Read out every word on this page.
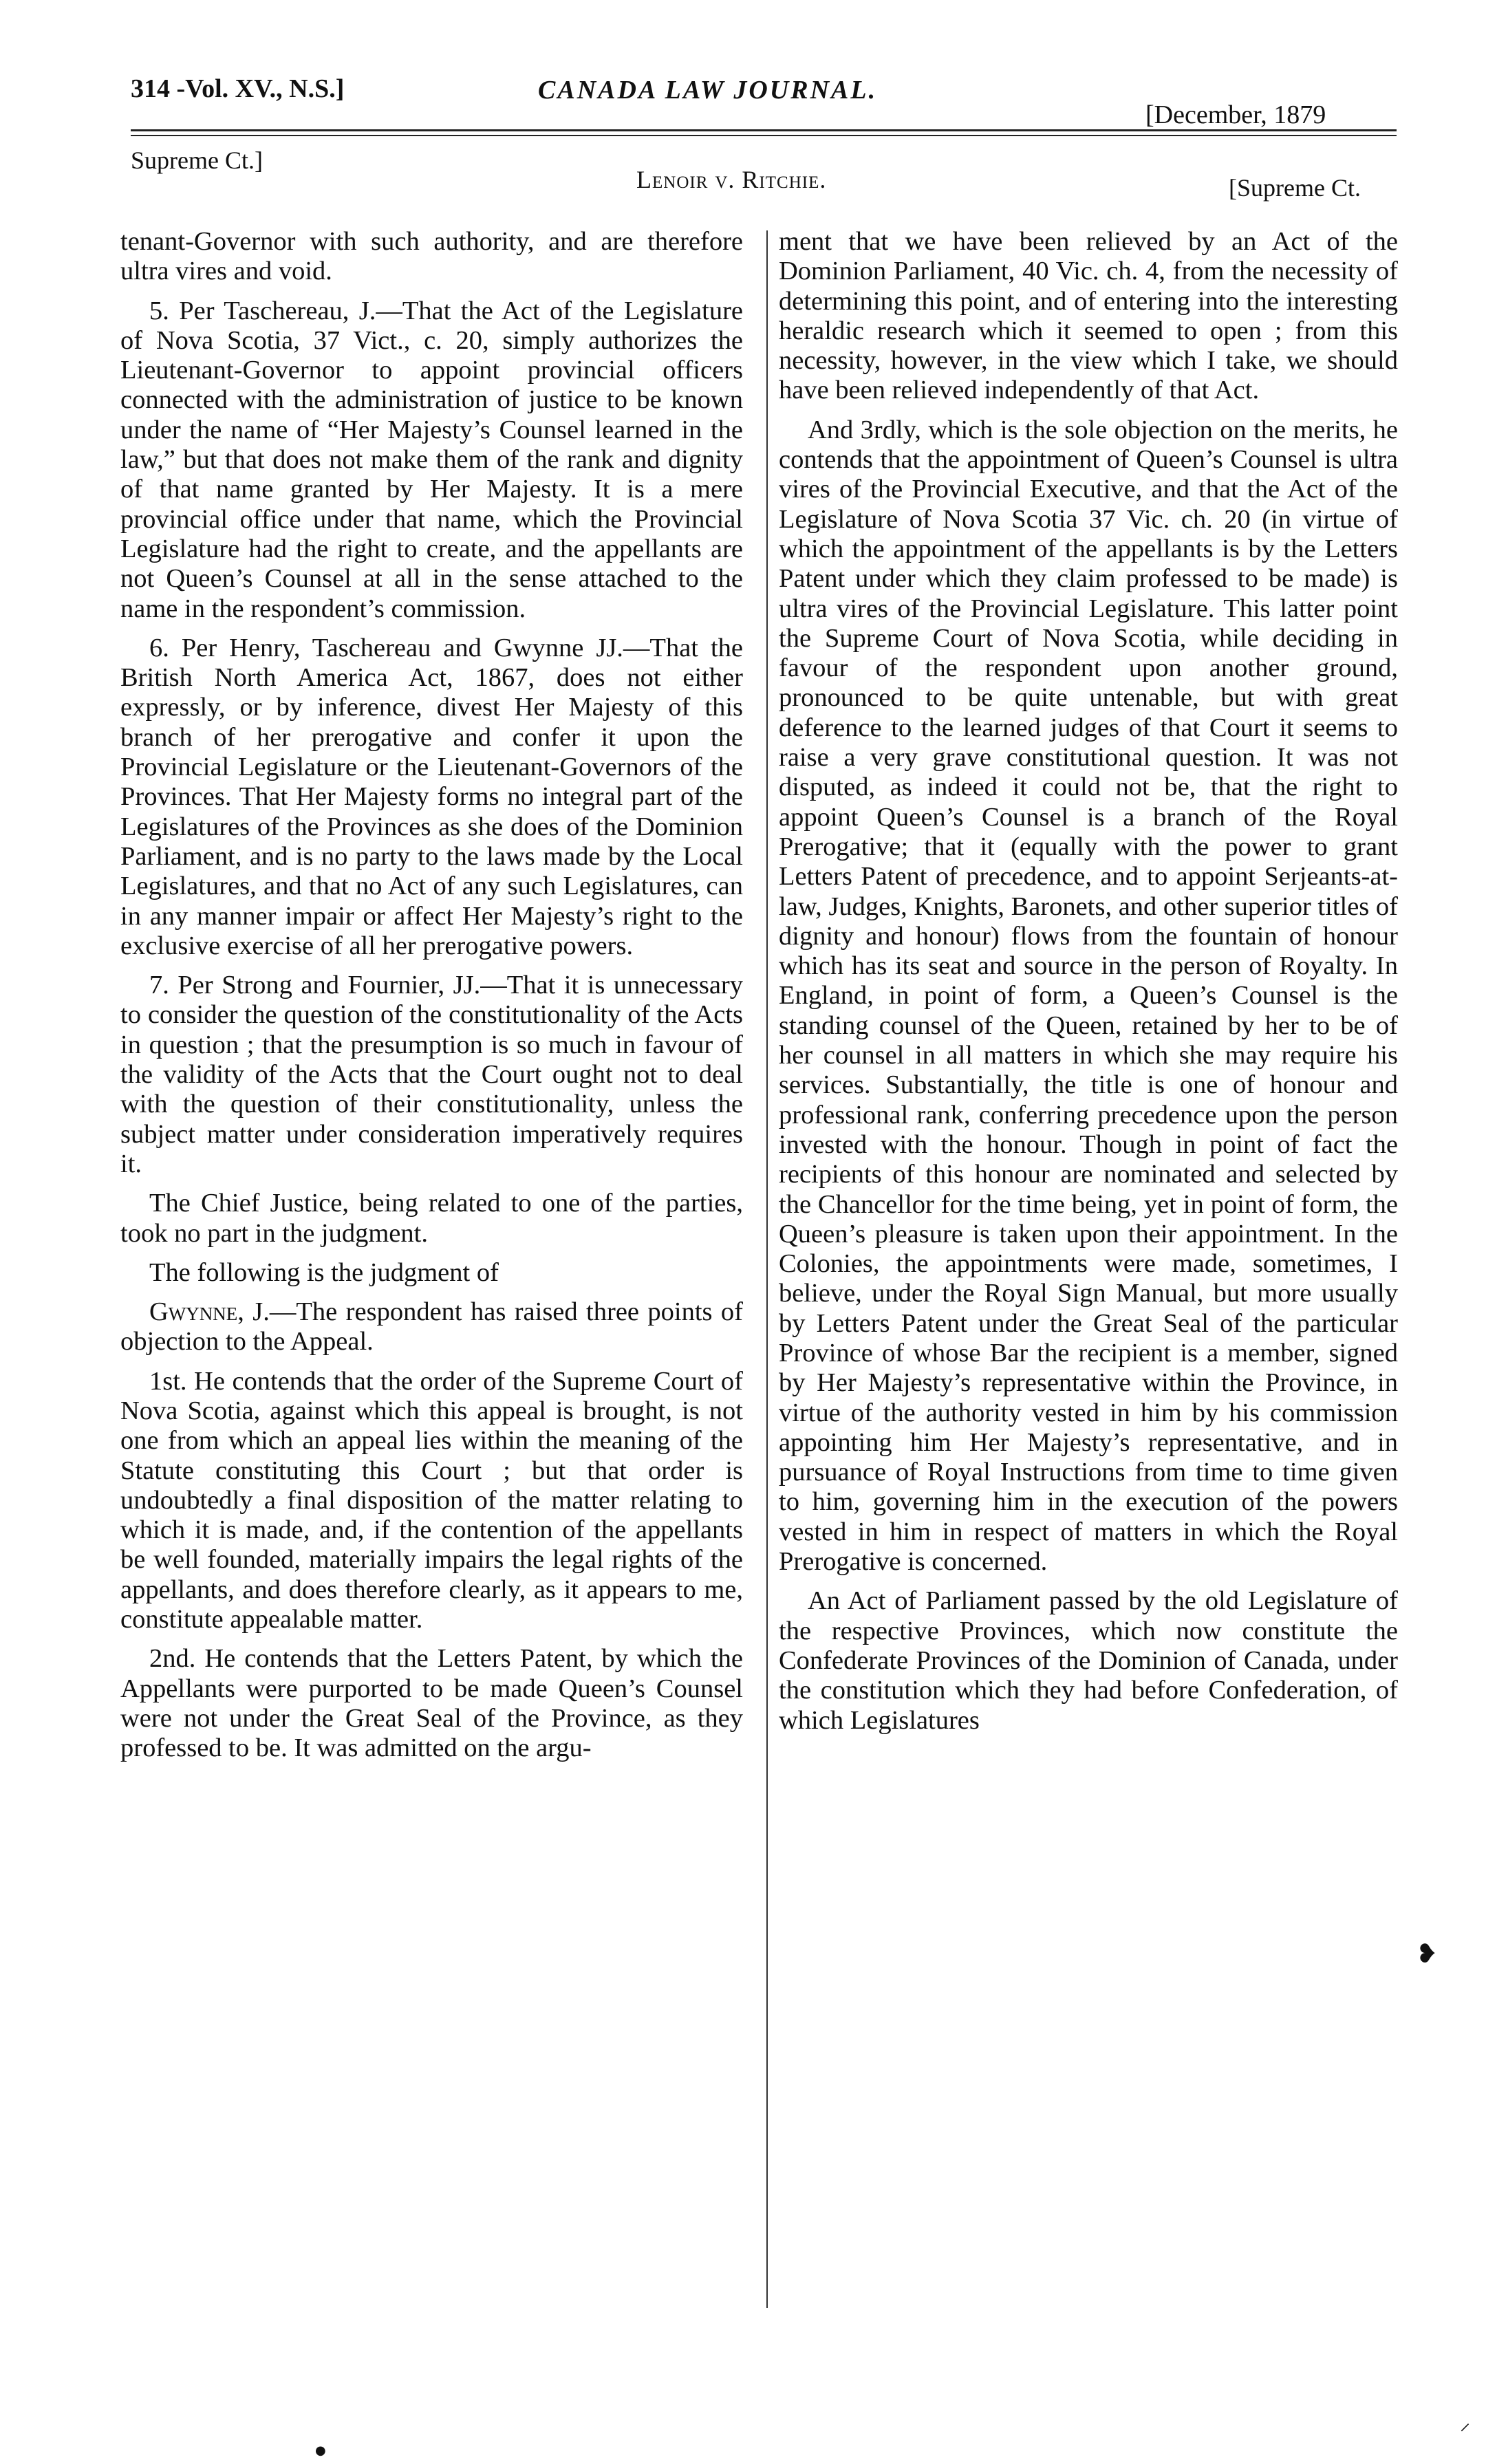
314 -Vol. XV., N.S.]	CANADA LAW JOURNAL.
[December, 1879
Supreme Ct.]
Lenoir v. Ritchie.	[Supreme Ct.

tenant-Governor with such authority, and are therefore ultra vires and void.

5. Per Taschereau, J.—That the Act of the Legislature of Nova Scotia, 37 Vict., c. 20, simply authorizes the Lieutenant-Governor to appoint provincial officers connected with the administration of justice to be known under the name of “Her Majesty’s Counsel learned in the law,” but that does not make them of the rank and dignity of that name granted by Her Majesty. It is a mere provincial office under that name, which the Provincial Legislature had the right to create, and the appellants are not Queen’s Counsel at all in the sense attached to the name in the respondent’s commission.

6. Per Henry, Taschereau and Gwynne JJ.—That the British North America Act, 1867, does not either expressly, or by inference, divest Her Majesty of this branch of her prerogative and confer it upon the Provincial Legislature or the Lieutenant-Governors of the Provinces. That Her Majesty forms no integral part of the Legislatures of the Provinces as she does of the Dominion Parliament, and is no party to the laws made by the Local Legislatures, and that no Act of any such Legislatures, can in any manner impair or affect Her Majesty’s right to the exclusive exercise of all her prerogative powers.

7. Per Strong and Fournier, JJ.—That it is unnecessary to consider the question of the constitutionality of the Acts in question ; that the presumption is so much in favour of the validity of the Acts that the Court ought not to deal with the question of their constitutionality, unless the subject matter under consideration imperatively requires it.

The Chief Justice, being related to one of the parties, took no part in the judgment.

The following is the judgment of

Gwynne, J.—The respondent has raised three points of objection to the Appeal.

1st. He contends that the order of the Supreme Court of Nova Scotia, against which this appeal is brought, is not one from which an appeal lies within the meaning of the Statute constituting this Court ; but that order is undoubtedly a final disposition of the matter relating to which it is made, and, if the contention of the appellants be well founded, materially impairs the legal rights of the appellants, and does therefore clearly, as it appears to me, constitute appealable matter.

2nd. He contends that the Letters Patent, by which the Appellants were purported to be made Queen’s Counsel were not under the Great Seal of the Province, as they professed to be. It was admitted on the argu-

ment that we have been relieved by an Act of the Dominion Parliament, 40 Vic. ch. 4, from the necessity of determining this point, and of entering into the interesting heraldic research which it seemed to open ; from this necessity, however, in the view which I take, we should have been relieved independently of that Act.

And 3rdly, which is the sole objection on the merits, he contends that the appointment of Queen’s Counsel is ultra vires of the Provincial Executive, and that the Act of the Legislature of Nova Scotia 37 Vic. ch. 20 (in virtue of which the appointment of the appellants is by the Letters Patent under which they claim professed to be made) is ultra vires of the Provincial Legislature. This latter point the Supreme Court of Nova Scotia, while deciding in favour of the respondent upon another ground, pronounced to be quite untenable, but with great deference to the learned judges of that Court it seems to raise a very grave constitutional question. It was not disputed, as indeed it could not be, that the right to appoint Queen’s Counsel is a branch of the Royal Prerogative; that it (equally with the power to grant Letters Patent of precedence, and to appoint Serjeants-at-law, Judges, Knights, Baronets, and other superior titles of dignity and honour) flows from the fountain of honour which has its seat and source in the person of Royalty. In England, in point of form, a Queen’s Counsel is the standing counsel of the Queen, retained by her to be of her counsel in all matters in which she may require his services. Substantially, the title is one of honour and professional rank, conferring precedence upon the person invested with the honour. Though in point of fact the recipients of this honour are nominated and selected by the Chancellor for the time being, yet in point of form, the Queen’s pleasure is taken upon their appointment. In the Colonies, the appointments were made, sometimes, I believe, under the Royal Sign Manual, but more usually by Letters Patent under the Great Seal of the particular Province of whose Bar the recipient is a member, signed by Her Majesty’s representative within the Province, in virtue of the authority vested in him by his commission appointing him Her Majesty’s representative, and in pursuance of Royal Instructions from time to time given to him, governing him in the execution of the powers vested in him in respect of matters in which the Royal Prerogative is concerned.

An Act of Parliament passed by the old Legislature of the respective Provinces, which now constitute the Confederate Provinces of the Dominion of Canada, under the constitution which they had before Confederation, of which Legislatures

❥
●
⸝
